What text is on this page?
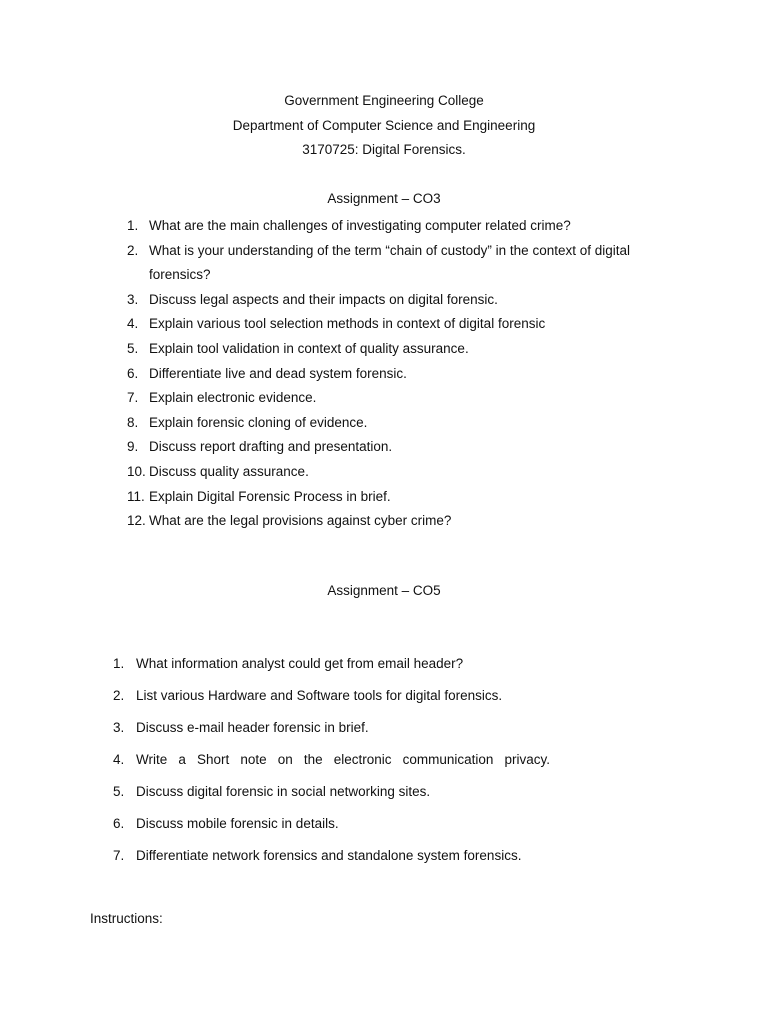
Government Engineering College
Department of Computer Science and Engineering
3170725: Digital Forensics.
Assignment – CO3
1. What are the main challenges of investigating computer related crime?
2. What is your understanding of the term “chain of custody” in the context of digital forensics?
3. Discuss legal aspects and their impacts on digital forensic.
4. Explain various tool selection methods in context of digital forensic
5. Explain tool validation in context of quality assurance.
6. Differentiate live and dead system forensic.
7. Explain electronic evidence.
8. Explain forensic cloning of evidence.
9. Discuss report drafting and presentation.
10. Discuss quality assurance.
11. Explain Digital Forensic Process in brief.
12. What are the legal provisions against cyber crime?
Assignment – CO5
1. What information analyst could get from email header?
2. List various Hardware and Software tools for digital forensics.
3. Discuss e-mail header forensic in brief.
4. Write a Short note on the electronic communication privacy.
5. Discuss digital forensic in social networking sites.
6. Discuss mobile forensic in details.
7. Differentiate network forensics and standalone system forensics.
Instructions:
